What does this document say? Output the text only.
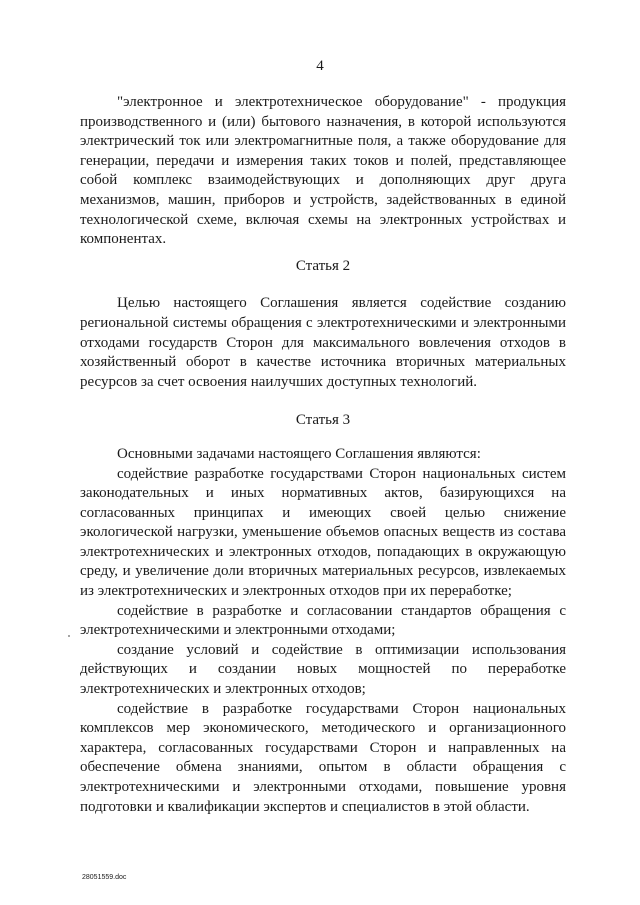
4

"электронное и электротехническое оборудование" - продукция производственного и (или) бытового назначения, в которой используются электрический ток или электромагнитные поля, а также оборудование для генерации, передачи и измерения таких токов и полей, представляющее собой комплекс взаимодействующих и дополняющих друг друга механизмов, машин, приборов и устройств, задействованных в единой технологической схеме, включая схемы на электронных устройствах и компонентах.

Статья 2

Целью настоящего Соглашения является содействие созданию региональной системы обращения с электротехническими и электронными отходами государств Сторон для максимального вовлечения отходов в хозяйственный оборот в качестве источника вторичных материальных ресурсов за счет освоения наилучших доступных технологий.

Статья 3

Основными задачами настоящего Соглашения являются:

содействие разработке государствами Сторон национальных систем законодательных и иных нормативных актов, базирующихся на согласованных принципах и имеющих своей целью снижение экологической нагрузки, уменьшение объемов опасных веществ из состава электротехнических и электронных отходов, попадающих в окружающую среду, и увеличение доли вторичных материальных ресурсов, извлекаемых из электротехнических и электронных отходов при их переработке;

содействие в разработке и согласовании стандартов обращения с электротехническими и электронными отходами;

создание условий и содействие в оптимизации использования действующих и создании новых мощностей по переработке электротехнических и электронных отходов;

содействие в разработке государствами Сторон национальных комплексов мер экономического, методического и организационного характера, согласованных государствами Сторон и направленных на обеспечение обмена знаниями, опытом в области обращения с электротехническими и электронными отходами, повышение уровня подготовки и квалификации экспертов и специалистов в этой области.

28051559.doc
